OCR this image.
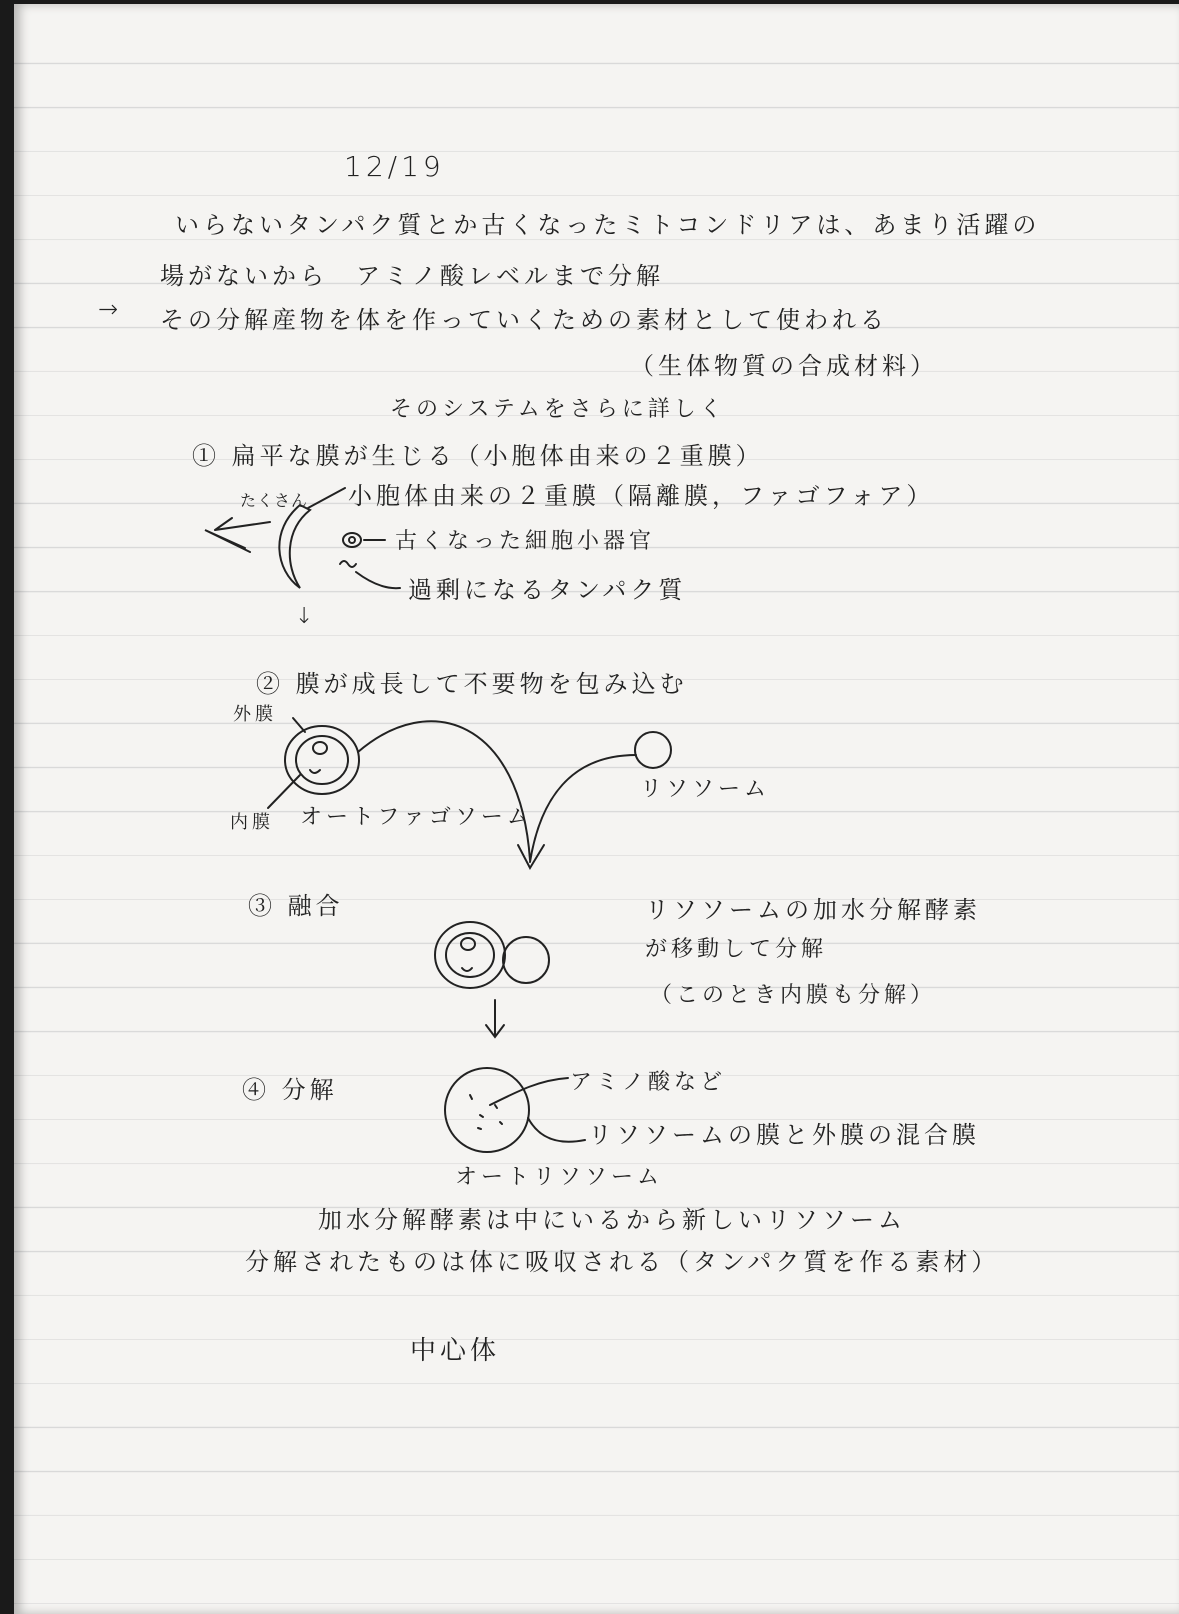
12/19
いらないタンパク質とか古くなったミトコンドリアは、あまり活躍の
場がないから　アミノ酸レベルまで分解
→ その分解産物を体を作っていくための素材として使われる
（生体物質の合成材料）
そのシステムをさらに詳しく
① 扁平な膜が生じる（小胞体由来の２重膜）
たくさん 小胞体由来の２重膜（隔離膜，ファゴフォア）
古くなった細胞小器官
過剰になるタンパク質
↓
② 膜が成長して不要物を包み込む
外膜
内膜 オートファゴソーム
リソソーム
③ 融合	リソソームの加水分解酵素
が移動して分解
（このとき内膜も分解）
④ 分解	アミノ酸など
リソソームの膜と外膜の混合膜
オートリソソーム
加水分解酵素は中にいるから新しいリソソーム
分解されたものは体に吸収される（タンパク質を作る素材）
中心体
